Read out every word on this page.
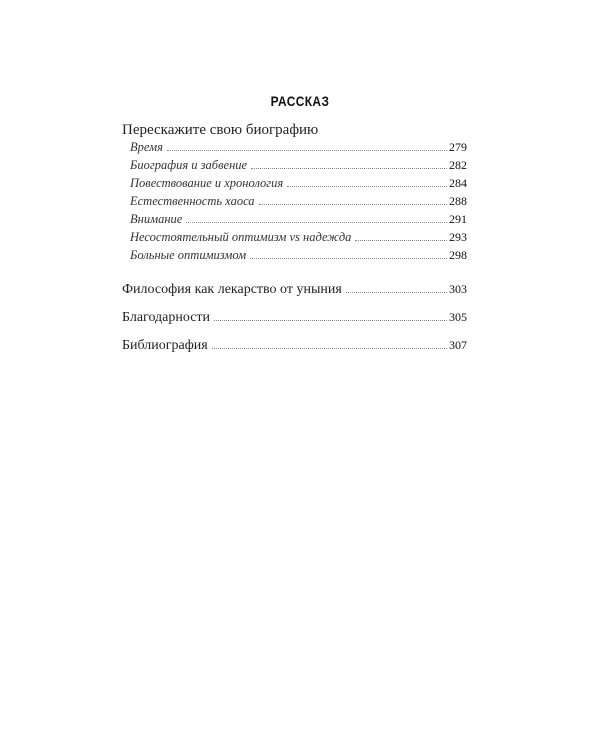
РАССКАЗ
Перескажите свою биографию
Время	279
Биография и забвение	282
Повествование и хронология	284
Естественность хаоса	288
Внимание	291
Несостоятельный оптимизм vs надежда	293
Больные оптимизмом	298
Философия как лекарство от уныния	303
Благодарности	305
Библиография	307
